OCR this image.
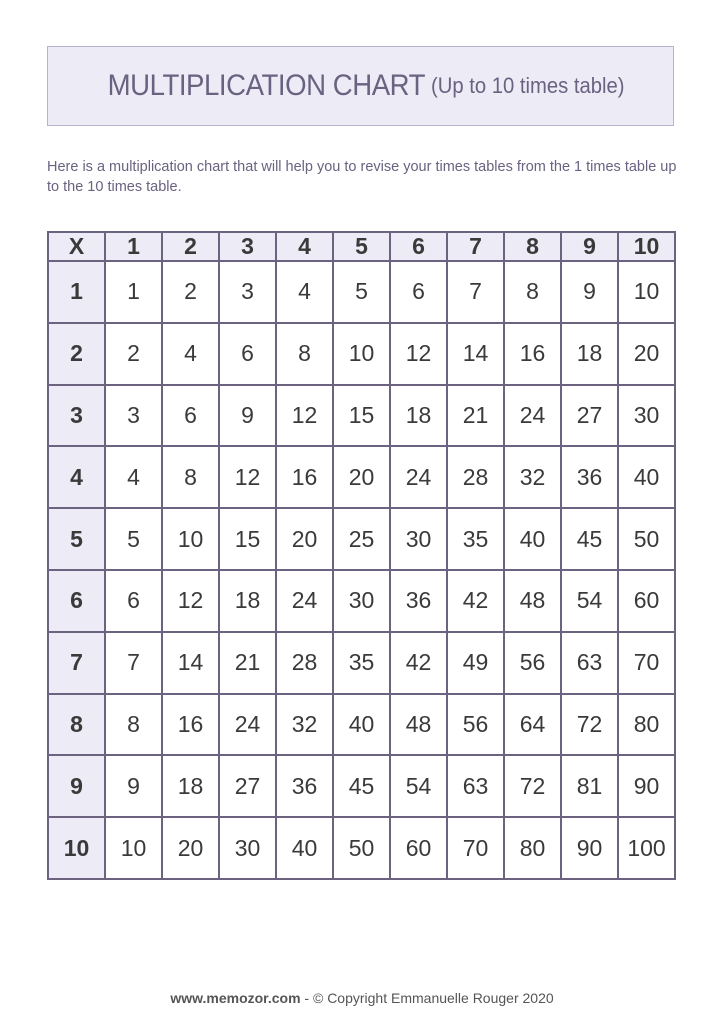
MULTIPLICATION CHART (Up to 10 times table)

Here is a multiplication chart that will help you to revise your times tables from the 1 times table up to the 10 times table.

X	1	2	3	4	5	6	7	8	9	10
1	1	2	3	4	5	6	7	8	9	10
2	2	4	6	8	10	12	14	16	18	20
3	3	6	9	12	15	18	21	24	27	30
4	4	8	12	16	20	24	28	32	36	40
5	5	10	15	20	25	30	35	40	45	50
6	6	12	18	24	30	36	42	48	54	60
7	7	14	21	28	35	42	49	56	63	70
8	8	16	24	32	40	48	56	64	72	80
9	9	18	27	36	45	54	63	72	81	90
10	10	20	30	40	50	60	70	80	90	100
www.memozor.com - © Copyright Emmanuelle Rouger 2020
